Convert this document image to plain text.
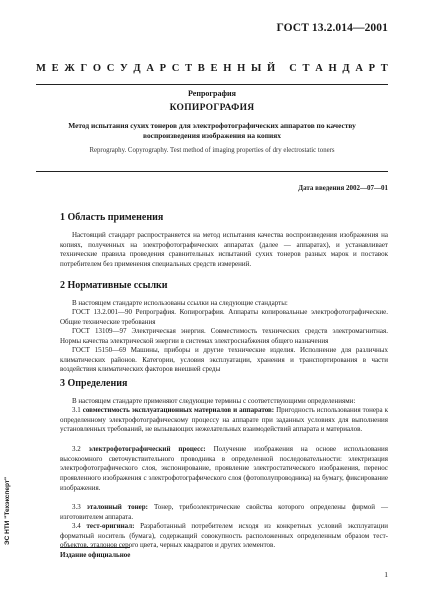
ГОСТ 13.2.014—2001
М Е Ж Г О С У Д А Р С Т В Е Н Н Ы Й
С Т А Н Д А Р Т
Репрография
КОПИРОГРАФИЯ
Метод испытания сухих тонеров для электрофотографических аппаратов по качеству
воспроизведения изображения на копиях
Reprography. Copyrography. Test method of imaging properties of dry electrostatic toners
Дата введения 2002—07—01
1 Область применения

Настоящий стандарт распространяется на метод испытания качества воспроизведения изображения на копиях, полученных на электрофотографических аппаратах (далее — аппаратах), и устанавливает технические правила проведения сравнительных испытаний сухих тонеров разных марок и поставок потребителем без применения специальных средств измерений.

2 Нормативные ссылки

В настоящем стандарте использованы ссылки на следующие стандарты:

ГОСТ 13.2.001—90 Репрография. Копирография. Аппараты копировальные электрофотографические. Общие технические требования

ГОСТ 13109—97 Электрическая энергия. Совместимость технических средств электромагнитная. Нормы качества электрической энергии в системах электроснабжения общего назначения

ГОСТ 15150—69 Машины, приборы и другие технические изделия. Исполнение для различных климатических районов. Категории, условия эксплуатации, хранения и транспортирования в части воздействия климатических факторов внешней среды

3 Определения

В настоящем стандарте применяют следующие термины с соответствующими определениями:

3.1 совместимость эксплуатационных материалов и аппаратов: Пригодность использования тонера к определенному электрофотографическому процессу на аппарате при заданных условиях для выполнения установленных требований, не вызывающих нежелательных взаимодействий аппарата и материалов.

3.2 электрофотографический процесс: Получение изображения на основе использования высокоомного светочувствительного проводника в определенной последовательности: электризация электрофотографического слоя, экспонирование, проявление электростатического изображения, перенос проявленного изображения с электрофотографического слоя (фотополупроводника) на бумагу, фиксирование изображения.

3.3 эталонный тонер: Тонер, трибоэлектрические свойства которого определены фирмой — изготовителем аппарата.

3.4 тест-оригинал: Разработанный потребителем исходя из конкретных условий эксплуатации форматный носитель (бумага), содержащий совокупность расположенных определенным образом тест-объектов, эталонов серого цвета, черных квадратов и других элементов.

Издание официальное
1
ЭС НТИ "Техэксперт"
